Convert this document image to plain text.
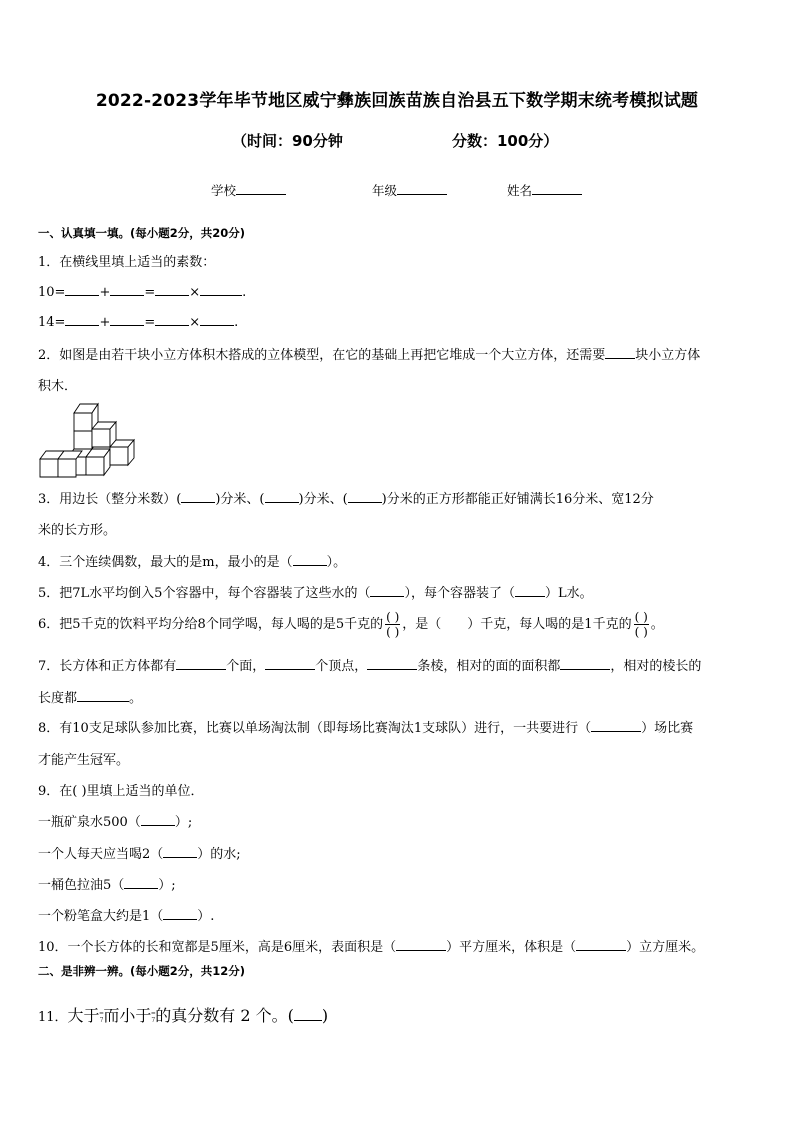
2022-2023学年毕节地区威宁彝族回族苗族自治县五下数学期末统考模拟试题
（时间：90分钟	分数：100分）
学校	年级	姓名
一、认真填一填。(每小题2分，共20分)
1．在横线里填上适当的素数：
10=	+	=	×	.
14=	+	=	×	.
2．如图是由若干块小立方体积木搭成的立体模型，在它的基础上再把它堆成一个大立方体，还需要 块小立方体
积木．
3．用边长（整分米数）(	)分米、(	)分米、(	)分米的正方形都能正好铺满长16分米、宽12分
米的长方形。
4．三个连续偶数，最大的是m，最小的是（	）。
5．把7L水平均倒入5个容器中，每个容器装了这些水的（	），每个容器装了（ ）L水。
6．把5千克的饮料平均分给8个同学喝，每人喝的是5千克的 $\frac{( )}{( )}$ ，是（ ）千克，每人喝的是1千克的 $\frac{( )}{( )}$ 。
7．长方体和正方体都有	个面，	个顶点，	条棱，相对的面的面积都	，相对的棱长的
长度都	。
8．有10支足球队参加比赛，比赛以单场淘汰制（即每场比赛淘汰1支球队）进行，一共要进行（	）场比赛
才能产生冠军。
9．在( )里填上适当的单位．
一瓶矿泉水500（	）;
一个人每天应当喝2（	）的水;
一桶色拉油5（	）;
一个粉笔盒大约是1（	）.
10．一个长方体的长和宽都是5厘米，高是6厘米，表面积是（	）平方厘米，体积是（	）立方厘米。
二、是非辨一辨。(每小题2分，共12分)
11．大于━
7而小于━
7的真分数有 2 个。( )
